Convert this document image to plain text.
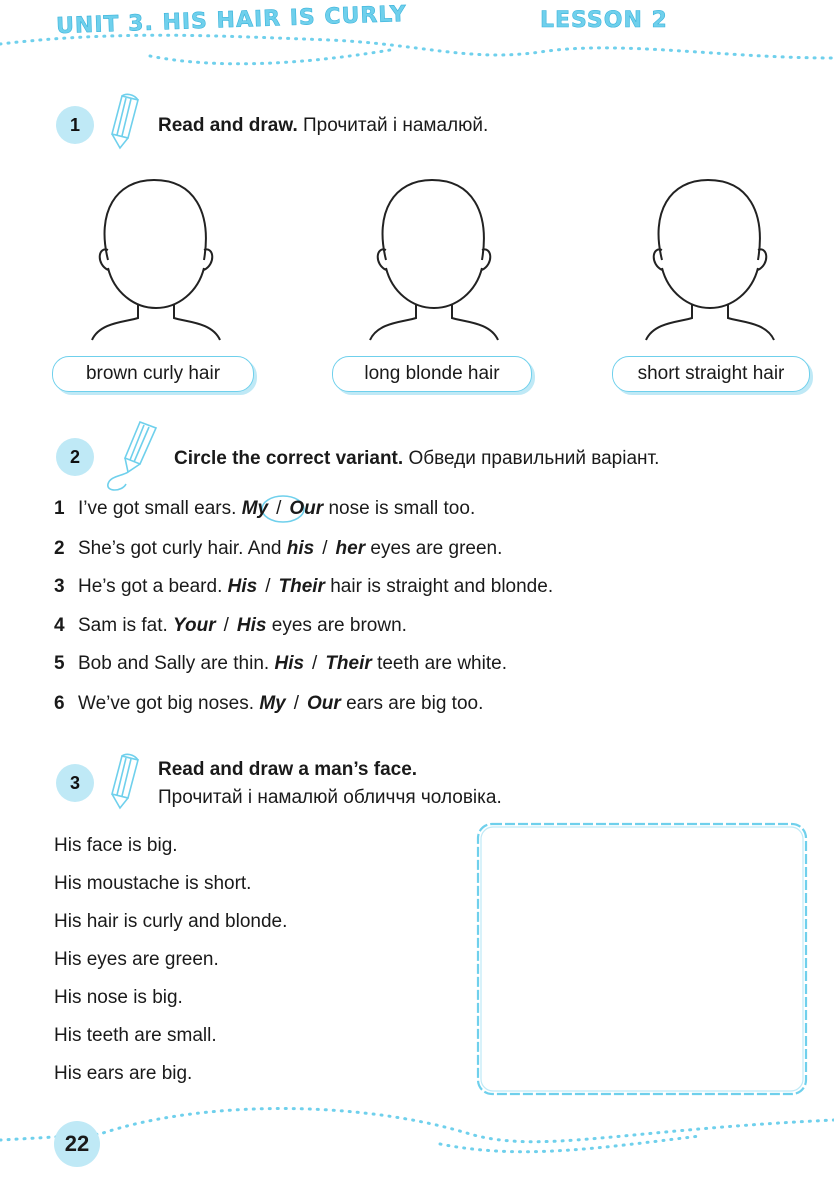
UNIT 3. HIS HAIR IS CURLY	LESSON 2
1	Read and draw. Прочитай і намалюй.
brown curly hair	long blonde hair	short straight hair
2	Circle the correct variant. Обведи правильний варіант.
1 I’ve got small ears. My / Our nose is small too.
2 She’s got curly hair. And his / her eyes are green.
3 He’s got a beard. His / Their hair is straight and blonde.
4 Sam is fat. Your / His eyes are brown.
5 Bob and Sally are thin. His / Their teeth are white.
6 We’ve got big noses. My / Our ears are big too.
3
Read and draw a man’s face.
Прочитай і намалюй обличчя чоловіка.
His face is big.
His moustache is short.
His hair is curly and blonde.
His eyes are green.
His nose is big.
His teeth are small.
His ears are big.
22
